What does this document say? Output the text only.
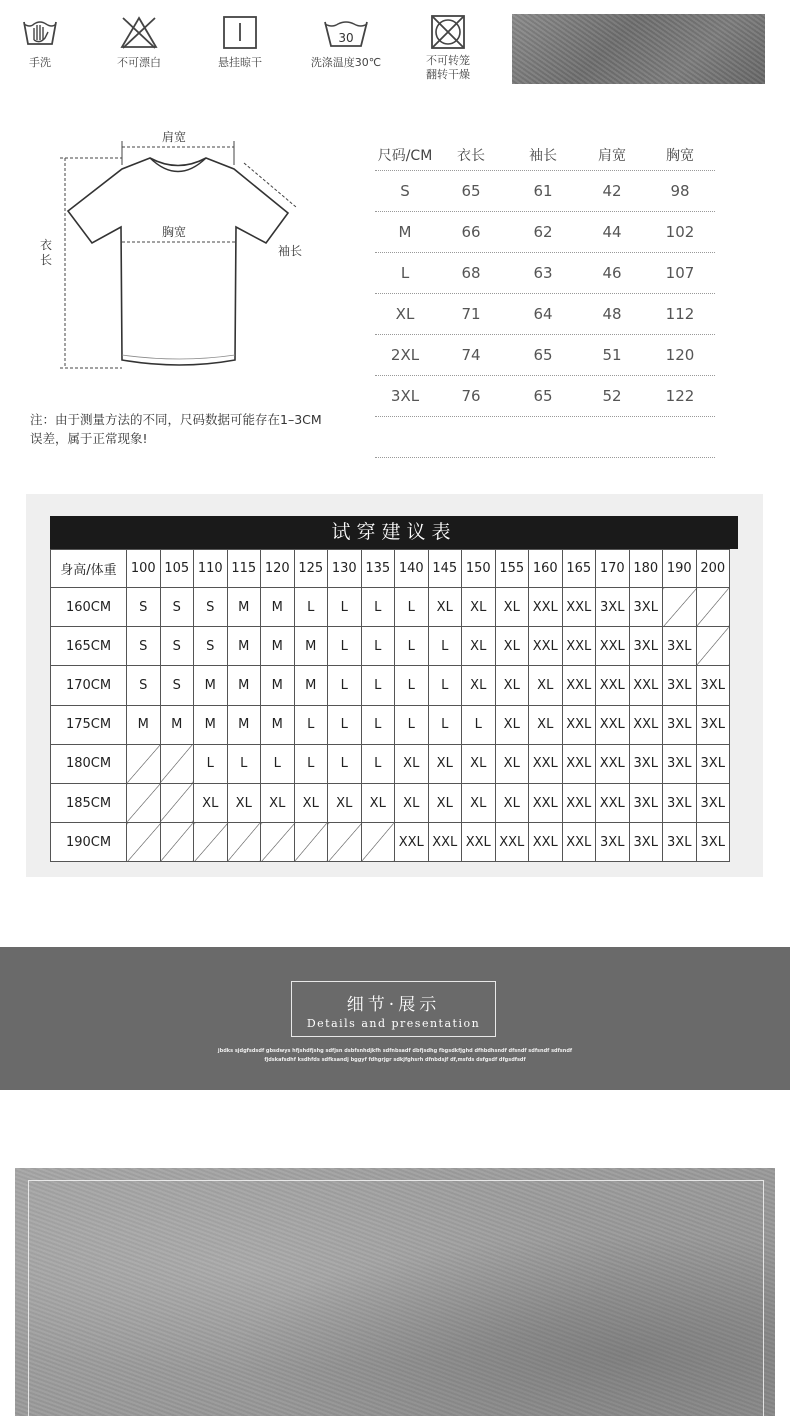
手洗	不可漂白	悬挂晾干
30
洗涤温度30℃	不可转笼翻转干燥
肩宽
胸宽
衣长
袖长
注：由于测量方法的不同，尺码数据可能存在1–3CM误差，属于正常现象!
尺码/CM	衣长	袖长	肩宽	胸宽
S	65	61	42	98
M	66	62	44	102
L	68	63	46	107
XL	71	64	48	112
2XL	74	65	51	120
3XL	76	65	52	122
试穿建议表
身高/体重	100	105	110	115	120	125	130	135	140	145	150	155	160	165	170	180	190	200
160CM	S	S	S	M	M	L	L	L	L	XL	XL	XL	XXL	XXL	3XL	3XL		
165CM	S	S	S	M	M	M	L	L	L	L	XL	XL	XXL	XXL	XXL	3XL	3XL	
170CM	S	S	M	M	M	M	L	L	L	L	XL	XL	XL	XXL	XXL	XXL	3XL	3XL
175CM	M	M	M	M	M	L	L	L	L	L	L	XL	XL	XXL	XXL	XXL	3XL	3XL
180CM			L	L	L	L	L	L	XL	XL	XL	XL	XXL	XXL	XXL	3XL	3XL	3XL
185CM			XL	XL	XL	XL	XL	XL	XL	XL	XL	XL	XXL	XXL	XXL	3XL	3XL	3XL
190CM									XXL	XXL	XXL	XXL	XXL	XXL	3XL	3XL	3XL	3XL
细节·展示
Details and presentation
jbdks sjdgfsdsdf gbsdwys hfjshdfjshg sdfjsn dsbfsnhdjkfh sdfnbsadf dbfjsdhg fbgsdkfjghd dfhbdhsndf dfsndf sdfsndf sdfsndf
fjdskafsdhf ksdhfds sdfksandj bggyf fdhgrjgr sdkjfghsrh dfnbdsjf df,msfds dsfgsdf dfgsdfsdf
